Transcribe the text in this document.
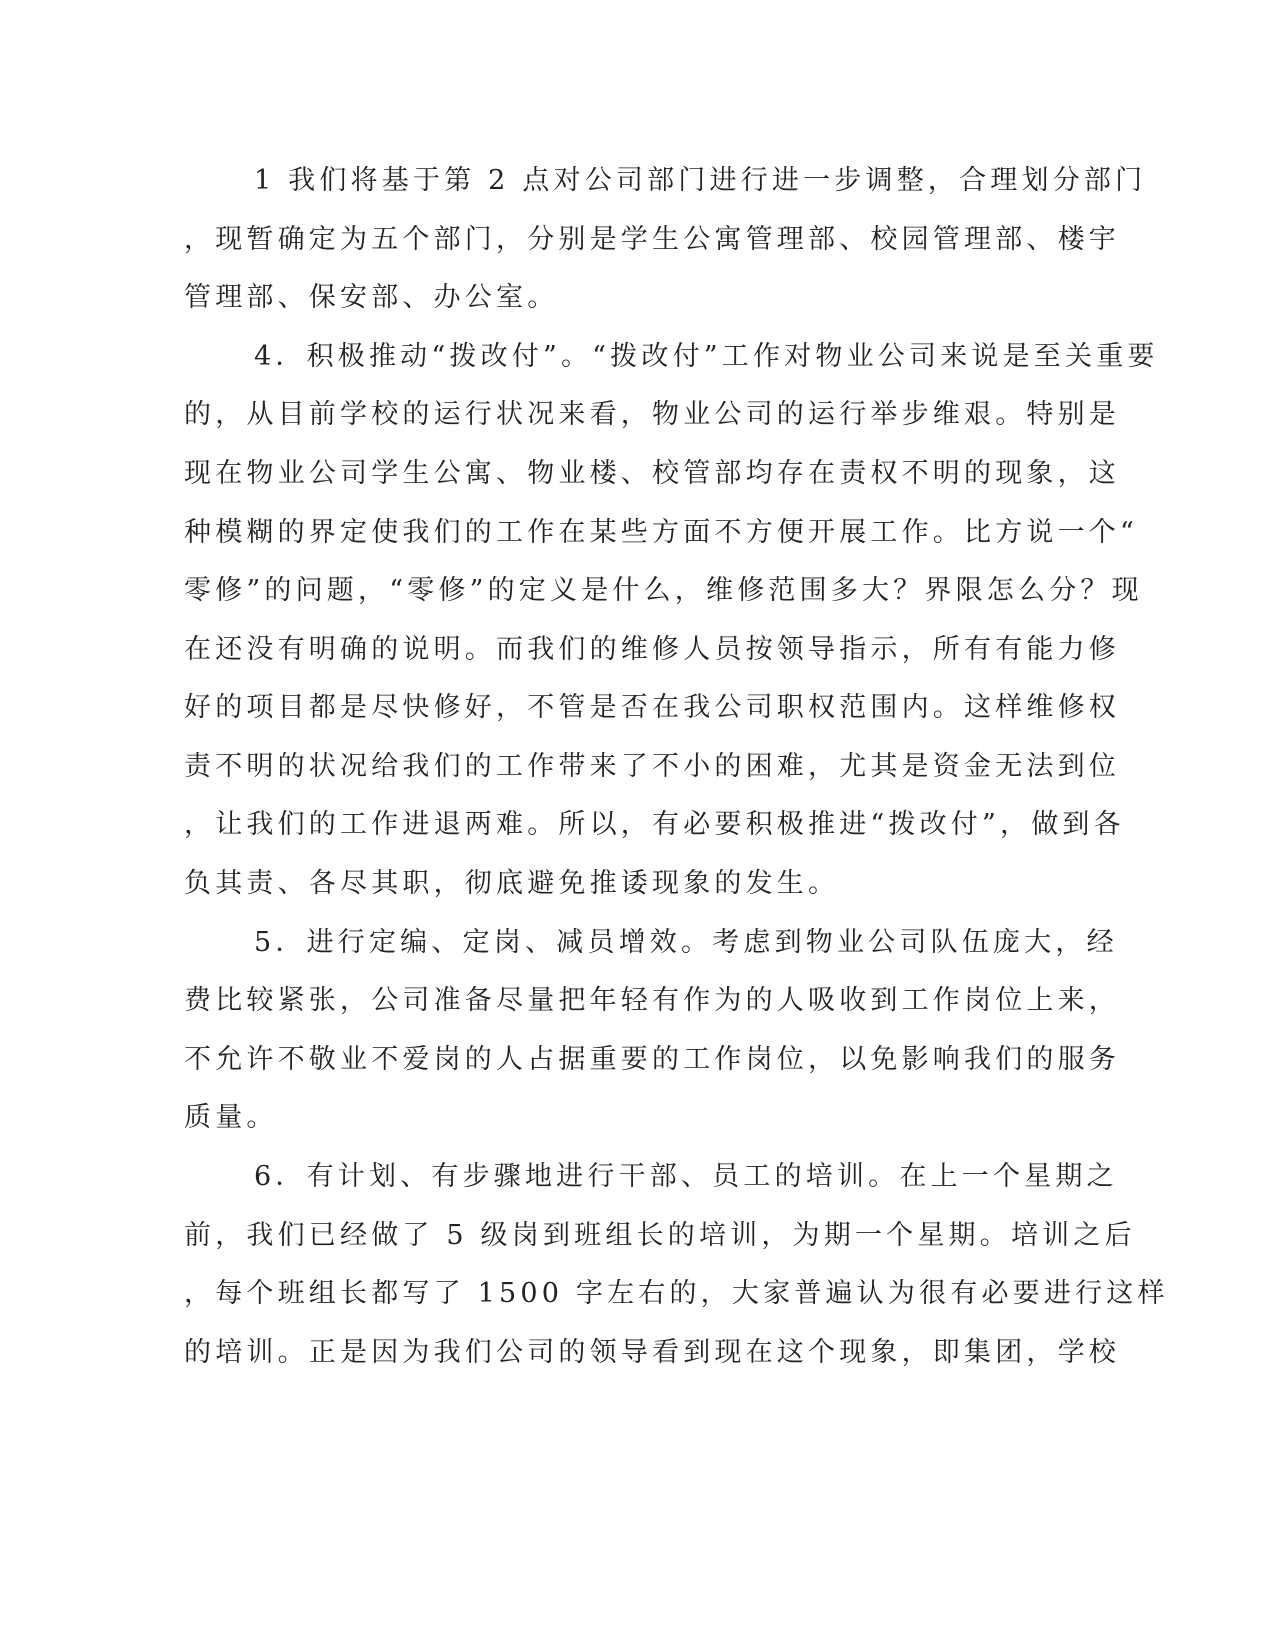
1 我们将基于第 2 点对公司部门进行进一步调整，合理划分部门
，现暂确定为五个部门，分别是学生公寓管理部、校园管理部、楼宇
管理部、保安部、办公室。
4．积极推动“拨改付”。“拨改付”工作对物业公司来说是至关重要
的，从目前学校的运行状况来看，物业公司的运行举步维艰。特别是
现在物业公司学生公寓、物业楼、校管部均存在责权不明的现象，这
种模糊的界定使我们的工作在某些方面不方便开展工作。比方说一个“
零修”的问题，“零修”的定义是什么，维修范围多大？界限怎么分？现
在还没有明确的说明。而我们的维修人员按领导指示，所有有能力修
好的项目都是尽快修好，不管是否在我公司职权范围内。这样维修权
责不明的状况给我们的工作带来了不小的困难，尤其是资金无法到位
，让我们的工作进退两难。所以，有必要积极推进“拨改付”，做到各
负其责、各尽其职，彻底避免推诿现象的发生。
5．进行定编、定岗、减员增效。考虑到物业公司队伍庞大，经
费比较紧张，公司准备尽量把年轻有作为的人吸收到工作岗位上来，
不允许不敬业不爱岗的人占据重要的工作岗位，以免影响我们的服务
质量。
6．有计划、有步骤地进行干部、员工的培训。在上一个星期之
前，我们已经做了 5 级岗到班组长的培训，为期一个星期。培训之后
，每个班组长都写了 1500 字左右的，大家普遍认为很有必要进行这样
的培训。正是因为我们公司的领导看到现在这个现象，即集团，学校
